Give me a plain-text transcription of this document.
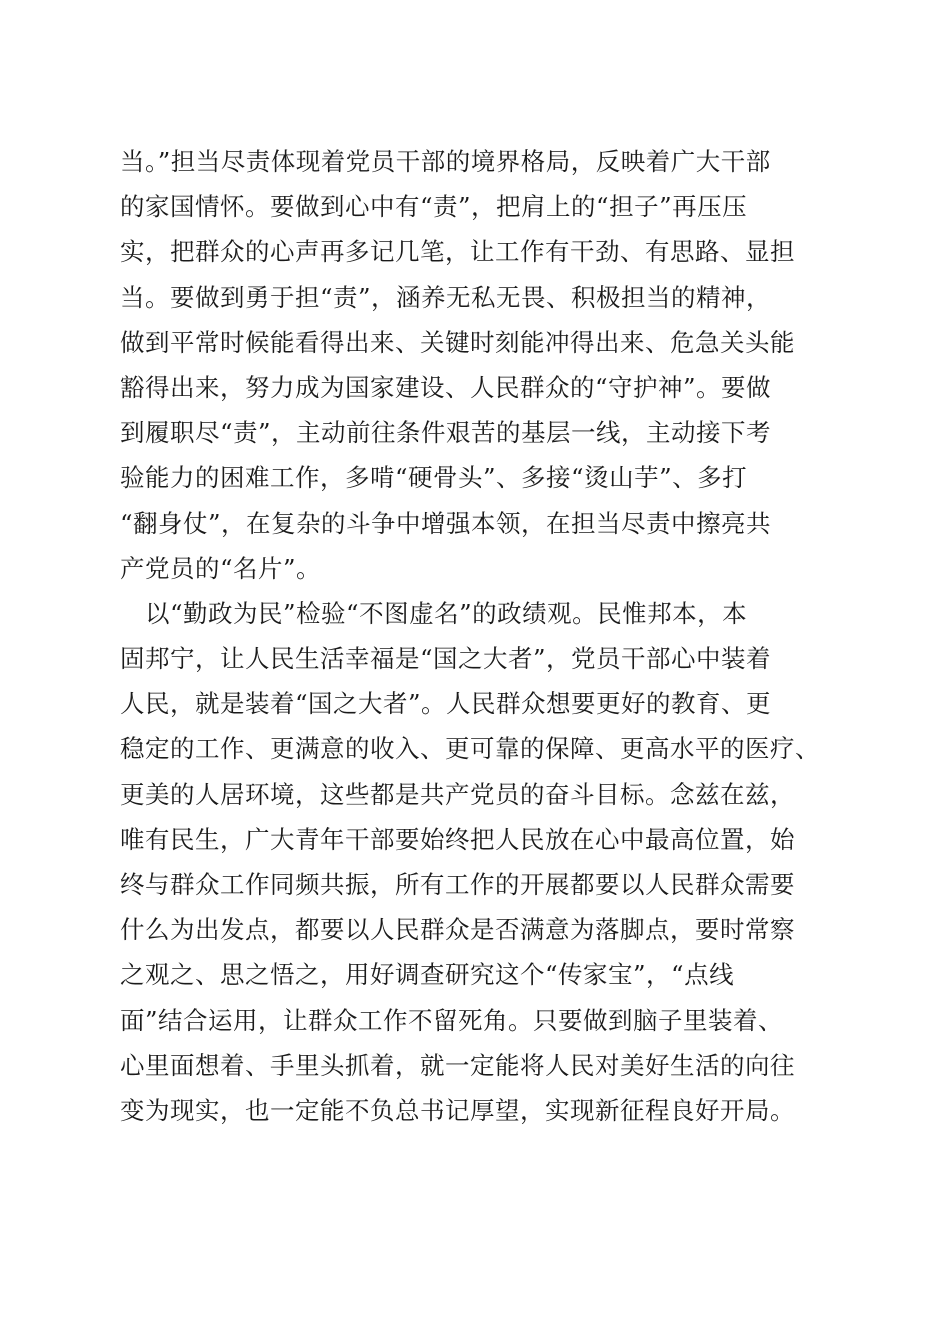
当。”担当尽责体现着党员干部的境界格局，反映着广大干部
的家国情怀。要做到心中有“责”，把肩上的“担子”再压压
实，把群众的心声再多记几笔，让工作有干劲、有思路、显担
当。要做到勇于担“责”，涵养无私无畏、积极担当的精神，
做到平常时候能看得出来、关键时刻能冲得出来、危急关头能
豁得出来，努力成为国家建设、人民群众的“守护神”。要做
到履职尽“责”，主动前往条件艰苦的基层一线，主动接下考
验能力的困难工作，多啃“硬骨头”、多接“烫山芋”、多打
“翻身仗”，在复杂的斗争中增强本领，在担当尽责中擦亮共
产党员的“名片”。
　以“勤政为民”检验“不图虚名”的政绩观。民惟邦本，本
固邦宁，让人民生活幸福是“国之大者”，党员干部心中装着
人民，就是装着“国之大者”。人民群众想要更好的教育、更
稳定的工作、更满意的收入、更可靠的保障、更高水平的医疗、
更美的人居环境，这些都是共产党员的奋斗目标。念兹在兹，
唯有民生，广大青年干部要始终把人民放在心中最高位置，始
终与群众工作同频共振，所有工作的开展都要以人民群众需要
什么为出发点，都要以人民群众是否满意为落脚点，要时常察
之观之、思之悟之，用好调查研究这个“传家宝”，“点线
面”结合运用，让群众工作不留死角。只要做到脑子里装着、
心里面想着、手里头抓着，就一定能将人民对美好生活的向往
变为现实，也一定能不负总书记厚望，实现新征程良好开局。
